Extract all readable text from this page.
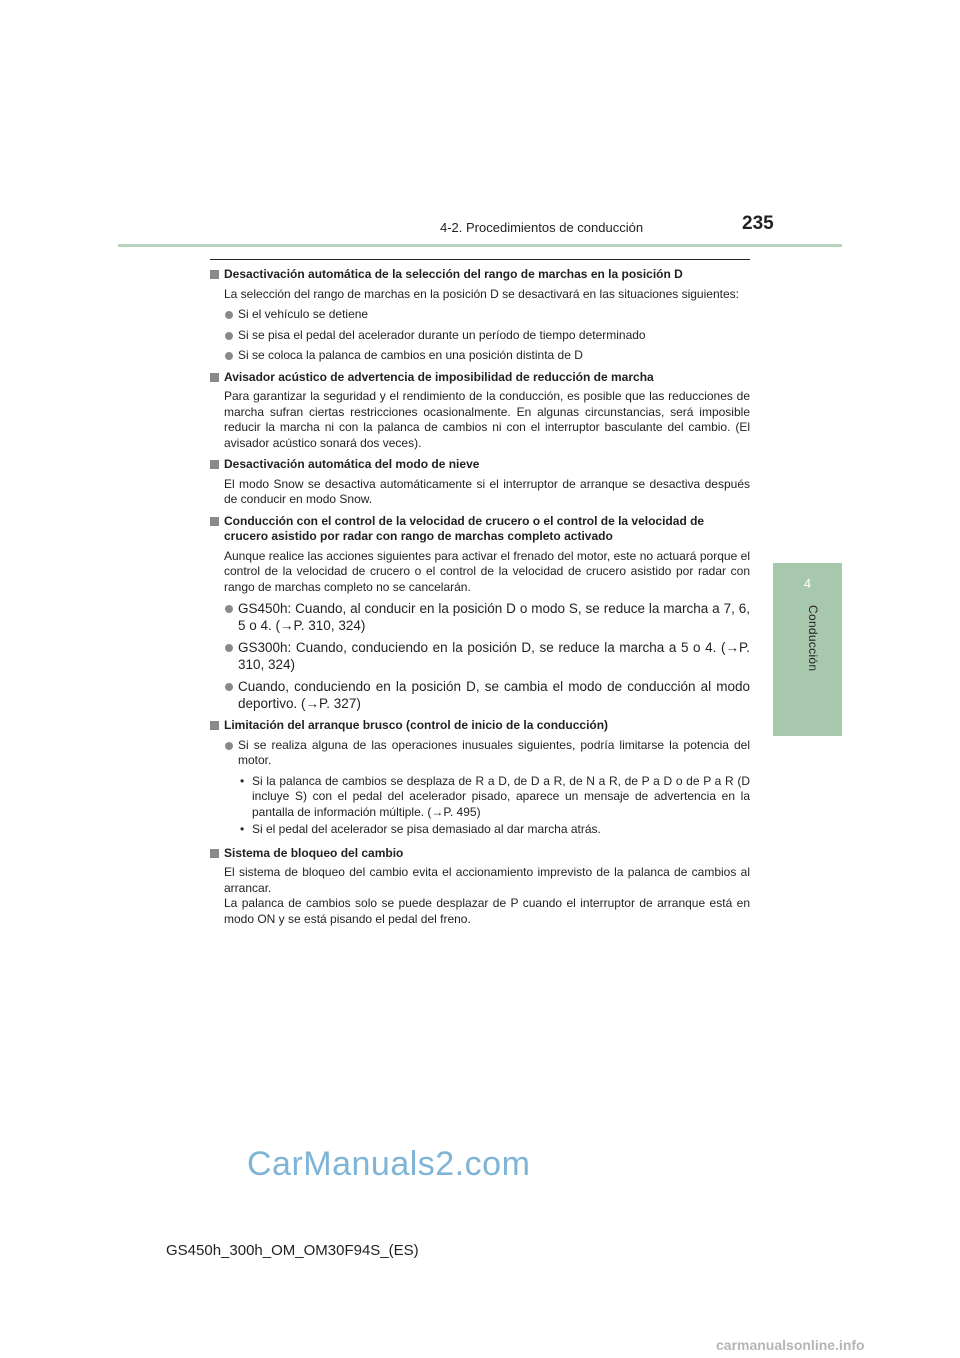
4-2. Procedimientos de conducción	235
4
Conducción
Desactivación automática de la selección del rango de marchas en la posición D
La selección del rango de marchas en la posición D se desactivará en las situaciones siguientes:
Si el vehículo se detiene
Si se pisa el pedal del acelerador durante un período de tiempo determinado
Si se coloca la palanca de cambios en una posición distinta de D
Avisador acústico de advertencia de imposibilidad de reducción de marcha
Para garantizar la seguridad y el rendimiento de la conducción, es posible que las reducciones de marcha sufran ciertas restricciones ocasionalmente. En algunas circunstancias, será imposible reducir la marcha ni con la palanca de cambios ni con el interruptor basculante del cambio. (El avisador acústico sonará dos veces).
Desactivación automática del modo de nieve
El modo Snow se desactiva automáticamente si el interruptor de arranque se desactiva después de conducir en modo Snow.
Conducción con el control de la velocidad de crucero o el control de la velocidad de crucero asistido por radar con rango de marchas completo activado
Aunque realice las acciones siguientes para activar el frenado del motor, este no actuará porque el control de la velocidad de crucero o el control de la velocidad de crucero asistido por radar con rango de marchas completo no se cancelarán.
GS450h: Cuando, al conducir en la posición D o modo S, se reduce la marcha a 7, 6, 5 o 4. (→P. 310, 324)
GS300h: Cuando, conduciendo en la posición D, se reduce la marcha a 5 o 4. (→P. 310, 324)
Cuando, conduciendo en la posición D, se cambia el modo de conducción al modo deportivo. (→P. 327)
Limitación del arranque brusco (control de inicio de la conducción)
Si se realiza alguna de las operaciones inusuales siguientes, podría limitarse la potencia del motor.
• Si la palanca de cambios se desplaza de R a D, de D a R, de N a R, de P a D o de P a R (D incluye S) con el pedal del acelerador pisado, aparece un mensaje de advertencia en la pantalla de información múltiple. (→P. 495)
• Si el pedal del acelerador se pisa demasiado al dar marcha atrás.
Sistema de bloqueo del cambio
El sistema de bloqueo del cambio evita el accionamiento imprevisto de la palanca de cambios al arrancar.
La palanca de cambios solo se puede desplazar de P cuando el interruptor de arranque está en modo ON y se está pisando el pedal del freno.
CarManuals2.com
GS450h_300h_OM_OM30F94S_(ES)
carmanualsonline.info
